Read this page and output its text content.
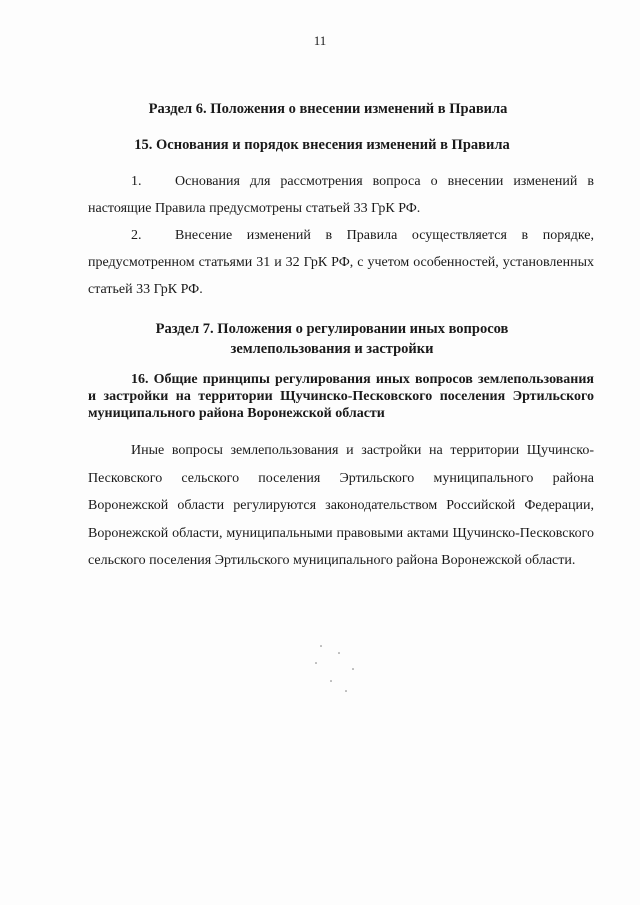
11
Раздел 6. Положения о внесении изменений в Правила
15. Основания и порядок внесения изменений в Правила
1. Основания для рассмотрения вопроса о внесении изменений в настоящие Правила предусмотрены статьей 33 ГрК РФ.
2. Внесение изменений в Правила осуществляется в порядке, предусмотренном статьями 31 и 32 ГрК РФ, с учетом особенностей, установленных статьей 33 ГрК РФ.
Раздел 7. Положения о регулировании иных вопросов
землепользования и застройки
16. Общие принципы регулирования иных вопросов землепользования и застройки на территории Щучинско-Песковского поселения Эртильского муниципального района Воронежской области
Иные вопросы землепользования и застройки на территории Щучинско-Песковского сельского поселения Эртильского муниципального района Воронежской области регулируются законодательством Российской Федерации, Воронежской области, муниципальными правовыми актами Щучинско-Песковского сельского поселения Эртильского муниципального района Воронежской области.
